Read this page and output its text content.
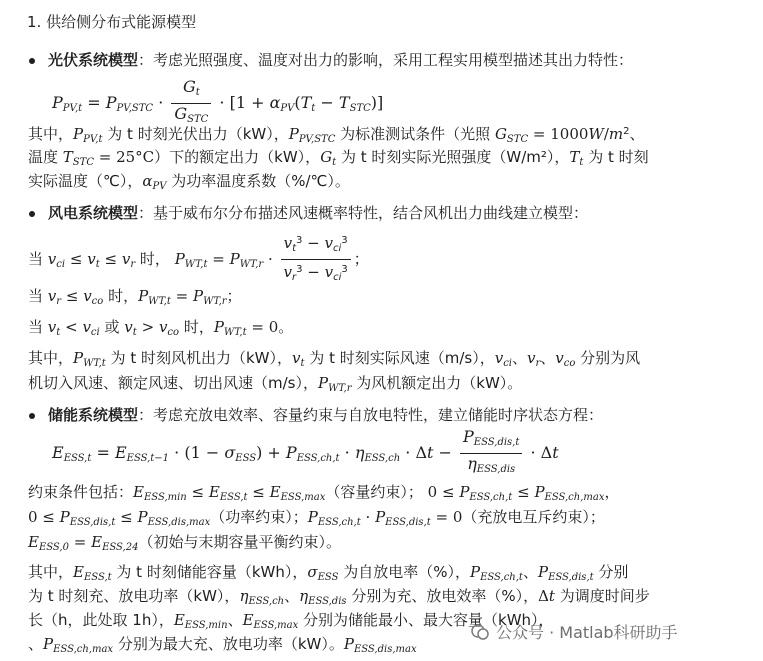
1. 供给侧分布式能源模型
光伏系统模型：考虑光照强度、温度对出力的影响，采用工程实用模型描述其出力特性：
$P_{PV,t} = P_{PV,STC} \cdot \frac{G_t}{G_{STC}} \cdot [1 + \alpha_{PV}(T_t - T_{STC})]$
其中，$P_{PV,t}$ 为 t 时刻光伏出力（kW），$P_{PV,STC}$ 为标准测试条件（光照 $G_{STC} = 1000W/m^2$、
温度 $T_{STC} = 25^\circ C$）下的额定出力（kW），$G_t$ 为 t 时刻实际光照强度（W/m²），$T_t$ 为 t 时刻
实际温度（℃），$\alpha_{PV}$ 为功率温度系数（%/℃）。
风电系统模型：基于威布尔分布描述风速概率特性，结合风机出力曲线建立模型：
当 $v_{ci} \le v_t \le v_r$ 时， $P_{WT,t} = P_{WT,r} \cdot \frac{v_t^3 - v_{ci}^3}{v_r^3 - v_{ci}^3}$ ；
当 $v_r \le v_{co}$ 时，$P_{WT,t} = P_{WT,r}$；
当 $v_t < v_{ci}$ 或 $v_t > v_{co}$ 时，$P_{WT,t} = 0$。
其中，$P_{WT,t}$ 为 t 时刻风机出力（kW），$v_t$ 为 t 时刻实际风速（m/s），$v_{ci}$、$v_r$、$v_{co}$ 分别为风
机切入风速、额定风速、切出风速（m/s），$P_{WT,r}$ 为风机额定出力（kW）。
储能系统模型：考虑充放电效率、容量约束与自放电特性，建立储能时序状态方程：
$E_{ESS,t} = E_{ESS,t-1} \cdot (1 - \sigma_{ESS}) + P_{ESS,ch,t} \cdot \eta_{ESS,ch} \cdot \Delta t - \frac{P_{ESS,dis,t}}{\eta_{ESS,dis}} \cdot \Delta t$
约束条件包括：$E_{ESS,min} \le E_{ESS,t} \le E_{ESS,max}$（容量约束）； $0 \le P_{ESS,ch,t} \le P_{ESS,ch,max}$，
$0 \le P_{ESS,dis,t} \le P_{ESS,dis,max}$（功率约束）；$P_{ESS,ch,t} \cdot P_{ESS,dis,t} = 0$（充放电互斥约束）；
$E_{ESS,0} = E_{ESS,24}$（初始与末期容量平衡约束）。
其中，$E_{ESS,t}$ 为 t 时刻储能容量（kWh），$\sigma_{ESS}$ 为自放电率（%），$P_{ESS,ch,t}$、$P_{ESS,dis,t}$ 分别
为 t 时刻充、放电功率（kW），$\eta_{ESS,ch}$、$\eta_{ESS,dis}$ 分别为充、放电效率（%），Δt 为调度时间步
长（h，此处取 1h），$E_{ESS,min}$、$E_{ESS,max}$ 分别为储能最小、最大容量（kWh），
、$P_{ESS,ch,max}$ 分别为最大充、放电功率（kW）。$P_{ESS,dis,max}$
公众号 · Matlab科研助手
